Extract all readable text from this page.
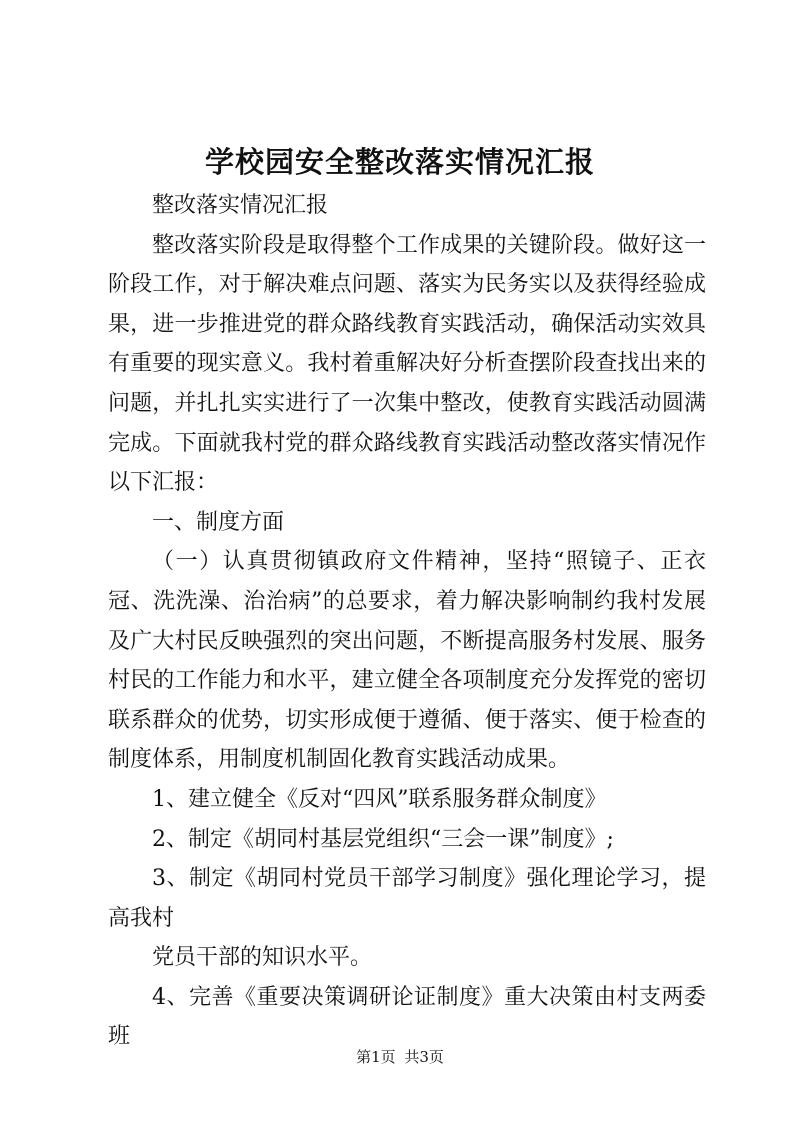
学校园安全整改落实情况汇报

整改落实情况汇报

整改落实阶段是取得整个工作成果的关键阶段。做好这一阶段工作，对于解决难点问题、落实为民务实以及获得经验成果，进一步推进党的群众路线教育实践活动，确保活动实效具有重要的现实意义。我村着重解决好分析查摆阶段查找出来的问题，并扎扎实实进行了一次集中整改，使教育实践活动圆满完成。下面就我村党的群众路线教育实践活动整改落实情况作以下汇报：

一、制度方面

（一）认真贯彻镇政府文件精神，坚持“照镜子、正衣冠、洗洗澡、治治病”的总要求，着力解决影响制约我村发展及广大村民反映强烈的突出问题，不断提高服务村发展、服务村民的工作能力和水平，建立健全各项制度充分发挥党的密切联系群众的优势，切实形成便于遵循、便于落实、便于检查的制度体系，用制度机制固化教育实践活动成果。

1、建立健全《反对“四风”联系服务群众制度》

2、制定《胡同村基层党组织“三会一课”制度》;

3、制定《胡同村党员干部学习制度》强化理论学习，提高我村

党员干部的知识水平。

4、完善《重要决策调研论证制度》重大决策由村支两委班

第1页 共3页
